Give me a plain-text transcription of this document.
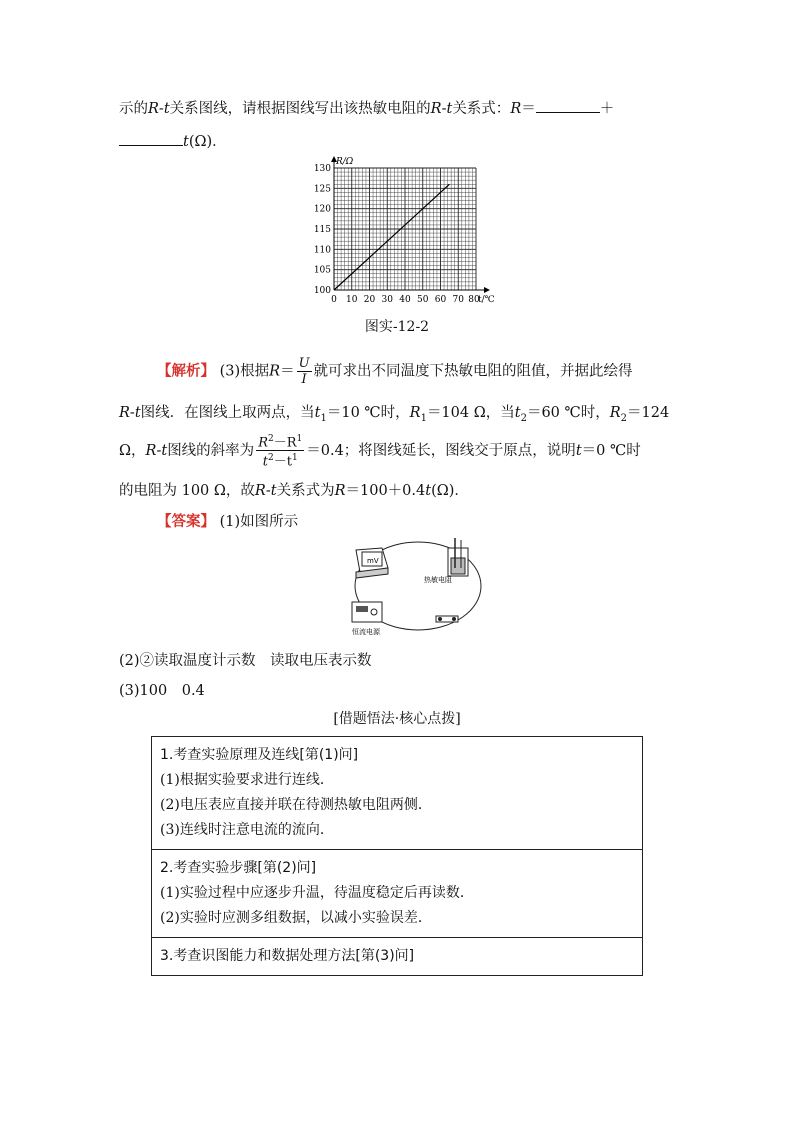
示的R-t关系图线，请根据图线写出该热敏电阻的R-t关系式：R＝	＋
t(Ω)．
R/Ω
t/℃
0 10 20 30 40 50 60 70 80
100
105
110
115
120
125
130
图实-12-2
【解析】 (3)根据$R= \frac{U}{I}$ 就可求出不同温度下热敏电阻的阻值，并据此绘得
R-t图线．在图线上取两点，当$t_1=10$ ℃时，$R_1=104$ Ω，当$t_2=60$ ℃时，$R_2=124$
Ω，R-t图线的斜率为 $\frac{R^2-R^1}{t^2-t^1} =0.4$；将图线延长，图线交于原点，说明t＝0 ℃时
的电阻为 100 Ω，故R-t关系式为R＝100＋0.4t(Ω)．
【答案】 (1)如图所示
mV
热敏电阻
恒流电源
(2)②读取温度计示数　读取电压表示数
(3)100　0.4
[借题悟法·核心点拨]
1.考查实验原理及连线[第(1)问]
(1)根据实验要求进行连线．
(2)电压表应直接并联在待测热敏电阻两侧．
(3)连线时注意电流的流向．

2.考查实验步骤[第(2)问]
(1)实验过程中应逐步升温，待温度稳定后再读数．
(2)实验时应测多组数据，以减小实验误差．

3.考查识图能力和数据处理方法[第(3)问]
